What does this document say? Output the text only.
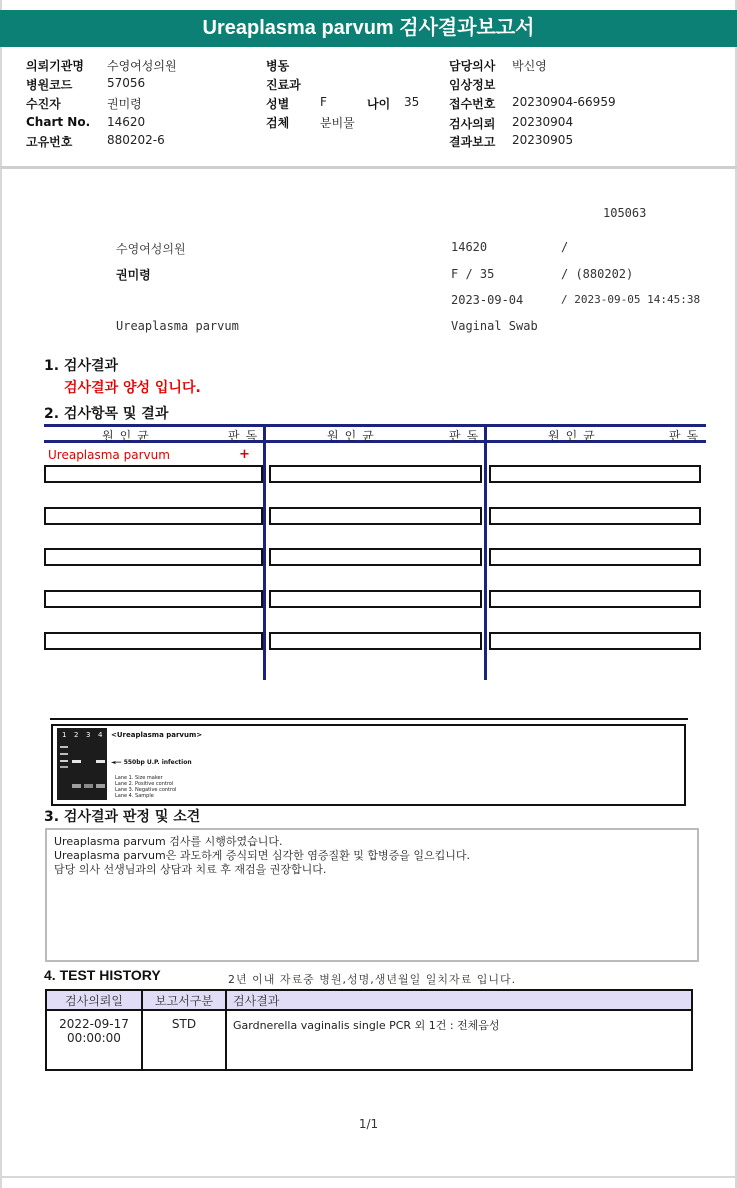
Ureaplasma parvum 검사결과보고서
의뢰기관명 수영여성의원
병원코드	57056
수진자	권미령
Chart No. 14620
고유번호	880202-6
병동
진료과
성별	F	나이 35
검체	분비물
담당의사 박신영
임상정보
접수번호 20230904-66959
검사의뢰 20230904
결과보고 20230905
105063
수영여성의원	14620	/
권미령	F / 35	/ (880202)
2023-09-04	/ 2023-09-05 14:45:38
Ureaplasma parvum	Vaginal Swab
1. 검사결과
검사결과 양성 입니다.
2. 검사항목 및 결과
원인균	판독	원인균	판독	원인균	판독
Ureaplasma parvum	+
1 2 3 4 <Ureaplasma parvum>
◄— 550bp U.P. infection
Lane 1. Size maker
Lane 2. Positive control
Lane 3. Negative control
Lane 4. Sample
3. 검사결과 판정 및 소견
Ureaplasma parvum 검사를 시행하였습니다.
Ureaplasma parvum은 과도하게 증식되면 심각한 염증질환 및 합병증을 일으킵니다.
담당 의사 선생님과의 상담과 치료 후 재검을 권장합니다.
4. TEST HISTORY	2년 이내 자료중 병원,성명,생년월일 일치자료 입니다.
검사의뢰일	보고서구분	검사결과

2022-09-17
00:00:00	STD	Gardnerella vaginalis single PCR 외 1건 : 전체음성
1/1
